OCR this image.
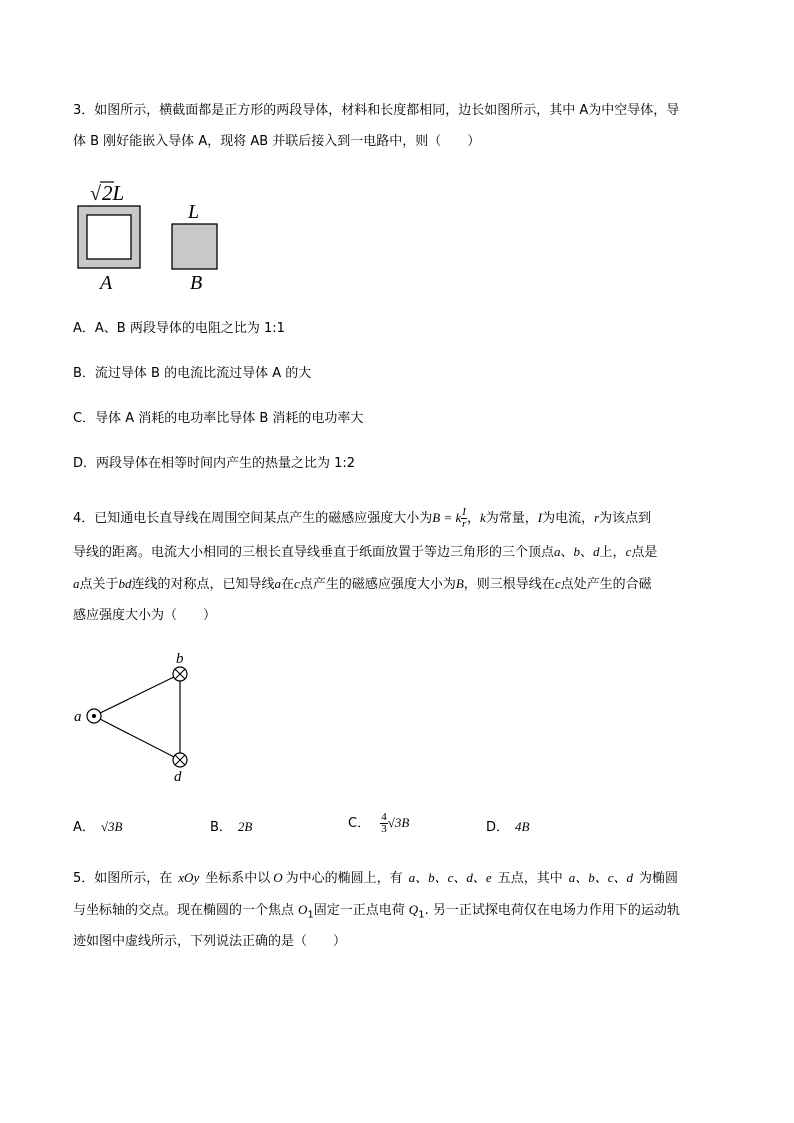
3．如图所示，横截面都是正方形的两段导体，材料和长度都相同，边长如图所示，其中 A为中空导体，导
体 B 刚好能嵌入导体 A，现将 AB 并联后接入到一电路中，则（　　）
√ 2L
L
A	B
A．A、B 两段导体的电阻之比为 1:1
B．流过导体 B 的电流比流过导体 A 的大
C．导体 A 消耗的电功率比导体 B 消耗的电功率大
D．两段导体在相等时间内产生的热量之比为 1:2
4．已知通电长直导线在周围空间某点产生的磁感应强度大小为B = k $\frac{I}{r}$ ，k为常量，I为电流，r为该点到
导线的距离。电流大小相同的三根长直导线垂直于纸面放置于等边三角形的三个顶点a、b、d上，c点是
a点关于bd连线的对称点，已知导线a在c点产生的磁感应强度大小为B，则三根导线在c点处产生的合磁
感应强度大小为（　　）
a
b
d
A． √3B	B． 2B	C． $\frac{4}{3} √3B$	D． 4B
5．如图所示，在 xOy 坐标系中以 O 为中心的椭圆上，有 a、b、c、d、e 五点，其中 a、b、c、d 为椭圆
与坐标轴的交点。现在椭圆的一个焦点 $O_1$固定一正点电荷 $Q_1$. 另一正试探电荷仅在电场力作用下的运动轨
迹如图中虚线所示，下列说法正确的是（　　）
